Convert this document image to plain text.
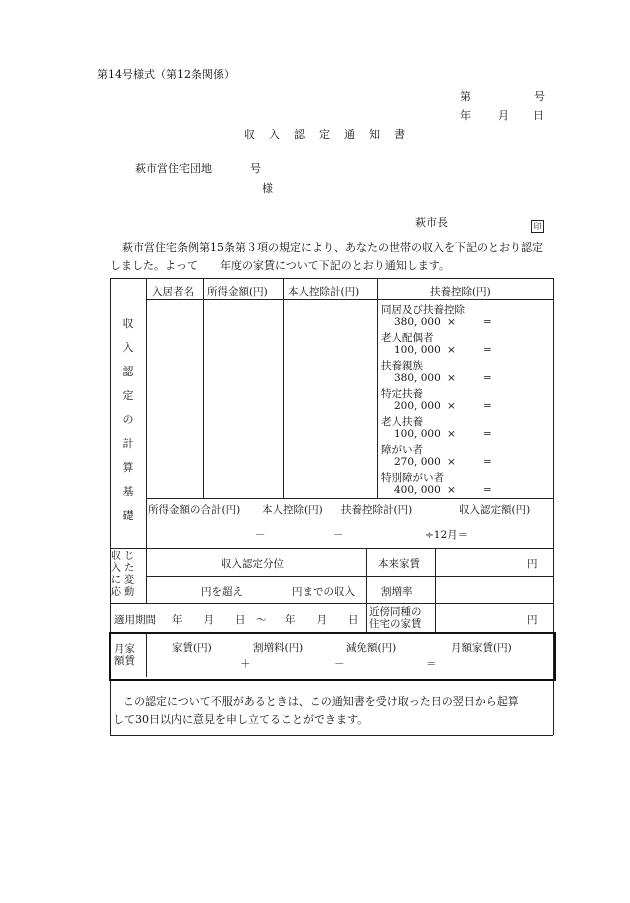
第14号様式（第12条関係）
第	号
年 月 日
収入認定通知書
萩市営住宅団地	号
様
萩市長	印
萩市営住宅条例第15条第３項の規定により、あなたの世帯の収入を下記のとおり認定
しました。よって　　年度の家賃について下記のとおり通知します。
収
入
認
定
の
計
算
基
礎
入居者名 所得金額(円) 本人控除計(円)	扶養控除(円)
同居及び扶養控除
380, 000 ×	=
老人配偶者
100, 000 ×	=
扶養親族
380, 000 ×	=
特定扶養
200, 000 ×	=
老人扶養
100, 000 ×	=
障がい者
270, 000 ×	=
特別障がい者
400, 000 ×	=
所得金額の合計(円) 本人控除(円) 扶養控除計(円)	収入認定額(円)
－	－	÷12月＝
収 じ
入 た
に 変
応 動
収入認定分位	本来家賃	円
円を超え	円までの収入 割増率
適用期間 年　　月　　日　～ 年　　月　　日
近傍同種の
住宅の家賃	円
月家
額賃
家賃(円)	割増料(円)	減免額(円)	月額家賃(円)
＋	－	＝
この認定について不服があるときは、この通知書を受け取った日の翌日から起算
して30日以内に意見を申し立てることができます。
